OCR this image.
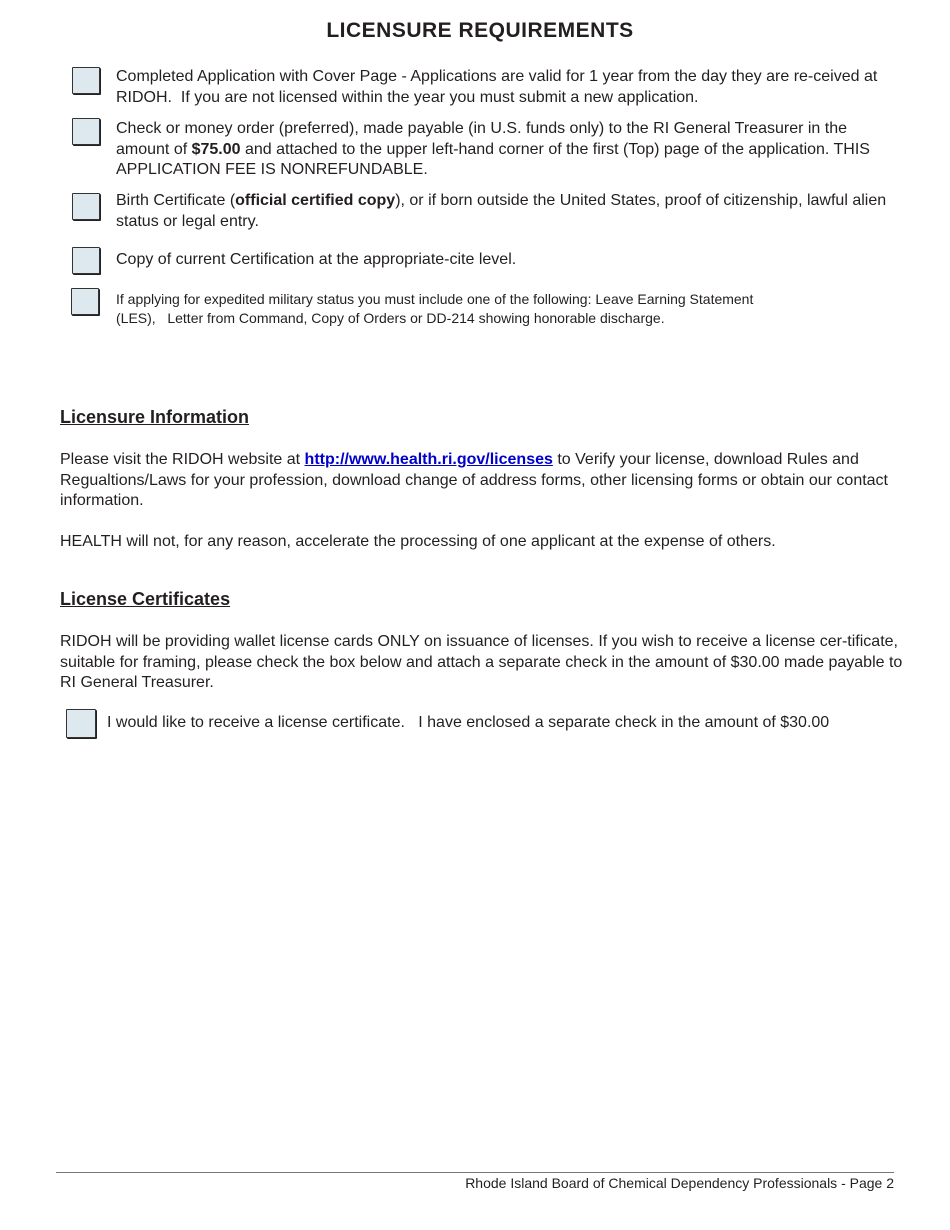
LICENSURE REQUIREMENTS
Completed Application with Cover Page - Applications are valid for 1 year from the day they are re-ceived at RIDOH.  If you are not licensed within the year you must submit a new application.
Check or money order (preferred), made payable (in U.S. funds only) to the RI General Treasurer in the amount of $75.00 and attached to the upper left-hand corner of the first (Top) page of the application. THIS APPLICATION FEE IS NONREFUNDABLE.
Birth Certificate (official certified copy), or if born outside the United States, proof of citizenship, lawful alien status or legal entry.
Copy of current Certification at the appropriate-cite level.
If applying for expedited military status you must include one of the following: Leave Earning Statement
(LES),   Letter from Command, Copy of Orders or DD-214 showing honorable discharge.
Licensure Information
Please visit the RIDOH website at http://www.health.ri.gov/licenses to Verify your license, download Rules and Regualtions/Laws for your profession, download change of address forms, other licensing forms or obtain our contact information.
HEALTH will not, for any reason, accelerate the processing of one applicant at the expense of others.
License Certificates
RIDOH will be providing wallet license cards ONLY on issuance of licenses. If you wish to receive a license cer-tificate, suitable for framing, please check the box below and attach a separate check in the amount of $30.00 made payable to RI General Treasurer.
I would like to receive a license certificate.   I have enclosed a separate check in the amount of $30.00
Rhode Island Board of Chemical Dependency Professionals - Page 2
